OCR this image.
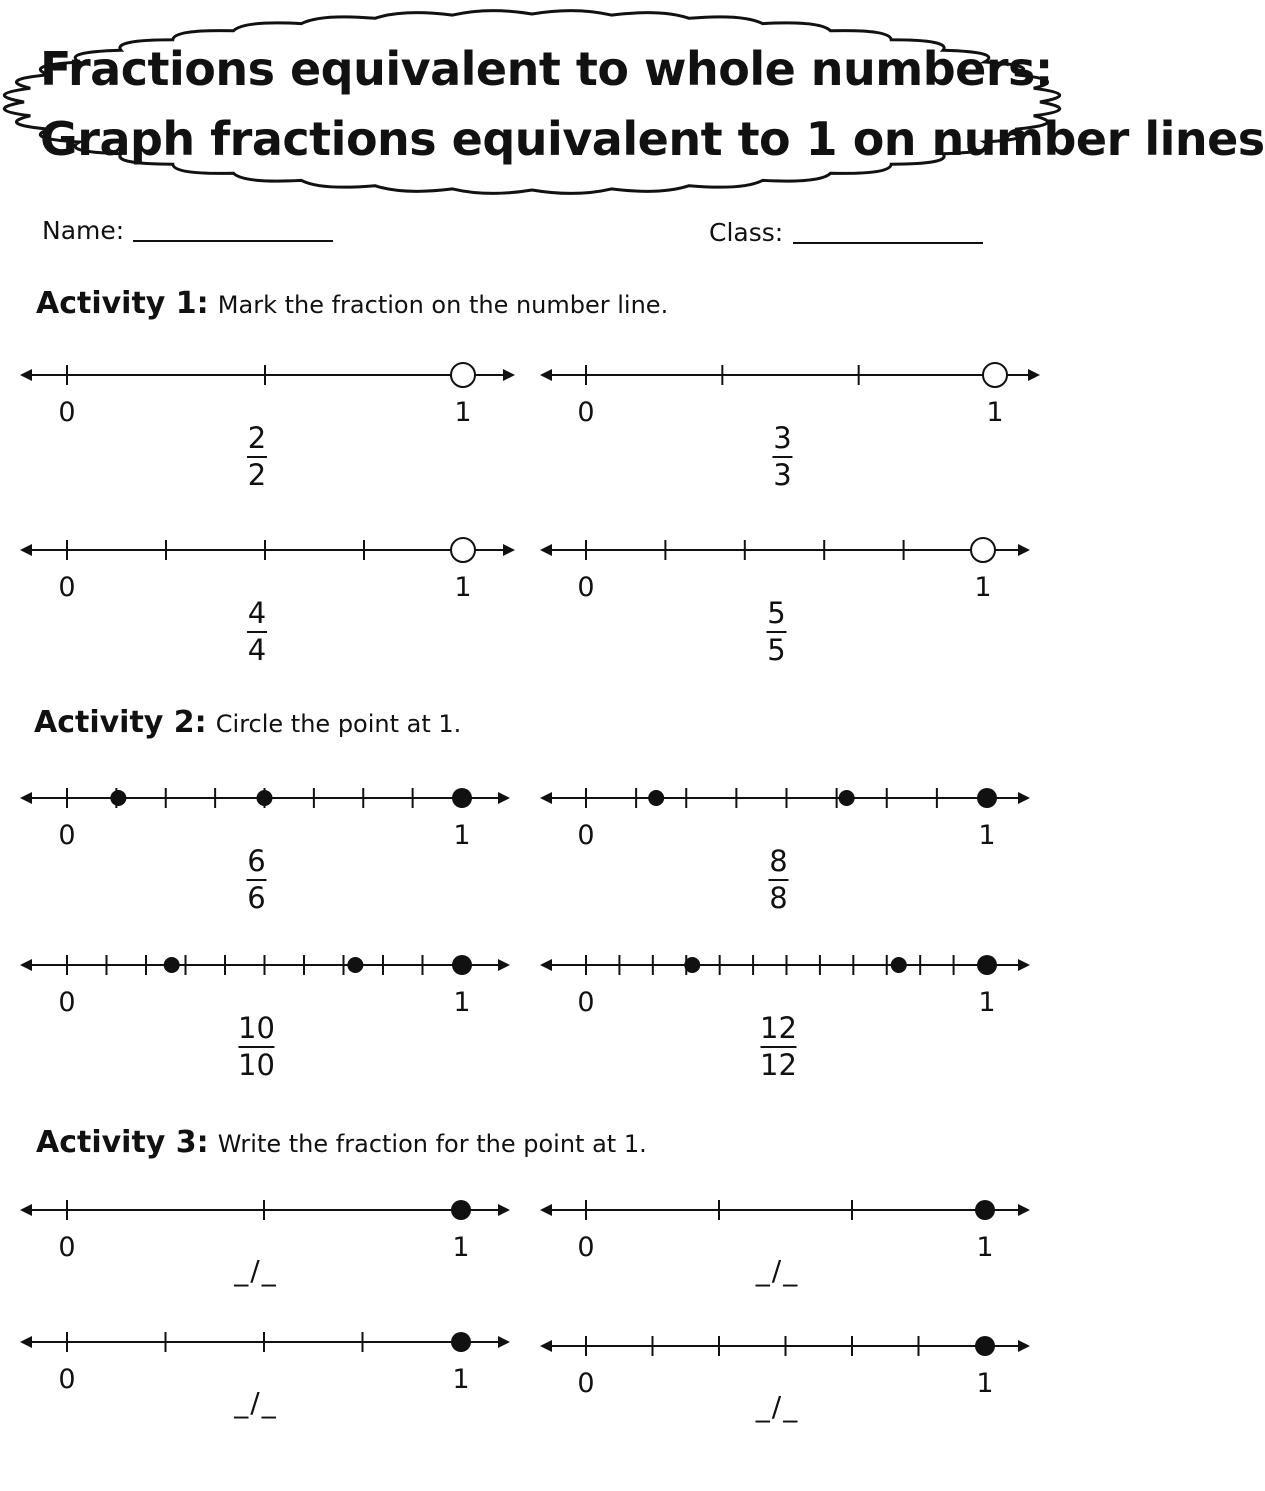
Fractions equivalent to whole numbers:
Graph fractions equivalent to 1 on number lines
Name:	Class:
Activity 1: Mark the fraction on the number line.
Activity 2: Circle the point at 1.
Activity 3: Write the fraction for the point at 1.
0	1
2
2
0	1
3
3
0	1
4
4
0	1
5
5
0	1
6
6
0	1
8
8
0	1
10
10
0	1
12
12
0	1
_/_
0	1
_/_
0	1
_/_
0	1
_/_
